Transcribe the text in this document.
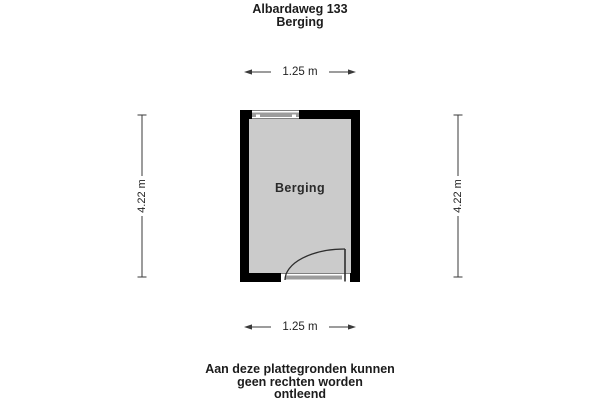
Albardaweg 133
Berging
1.25 m
1.25 m
4.22 m	4.22 m
Berging
Aan deze plattegronden kunnen
geen rechten worden
ontleend
